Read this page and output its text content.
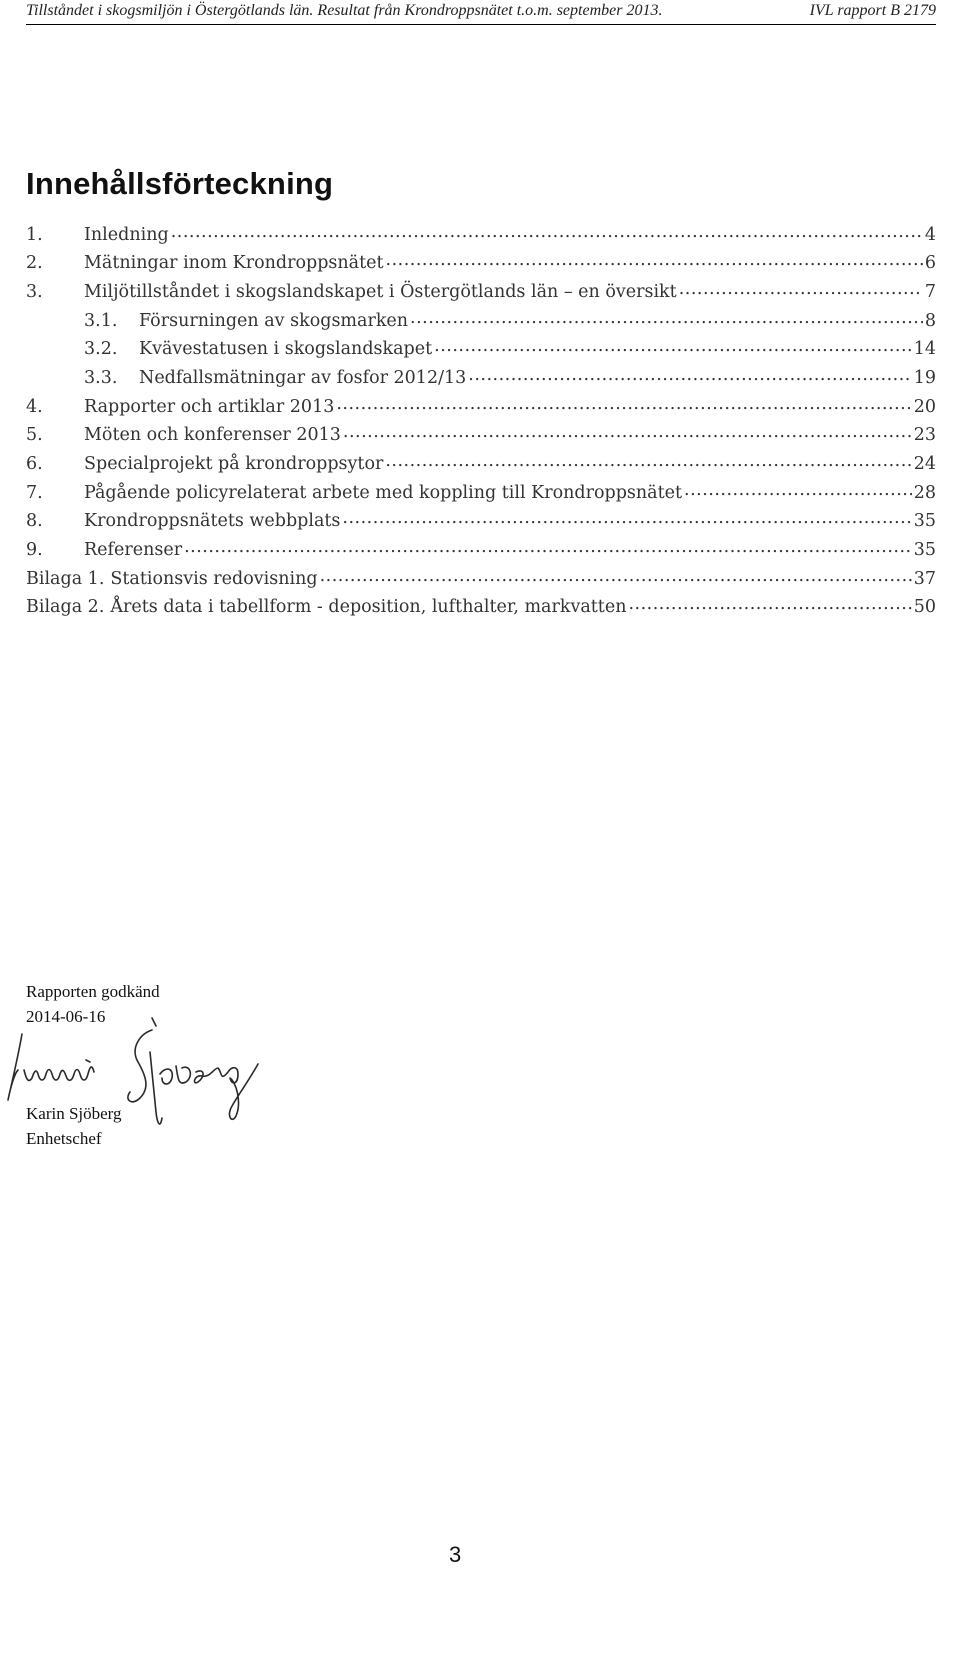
Tillståndet i skogsmiljön i Östergötlands län. Resultat från Krondroppsnätet t.o.m. september 2013.	IVL rapport B 2179
Innehållsförteckning
1.	Inledning .....	4
2.	Mätningar inom Krondroppsnätet .....	6
3.	Miljötillståndet i skogslandskapet i Östergötlands län – en översikt .....	7
3.1.	Försurningen av skogsmarken .....	8
3.2.	Kvävestatusen i skogslandskapet .....	14
3.3.	Nedfallsmätningar av fosfor 2012/13 .....	19
4.	Rapporter och artiklar 2013 .....	20
5.	Möten och konferenser 2013 .....	23
6.	Specialprojekt på krondroppsytor .....	24
7.	Pågående policyrelaterat arbete med koppling till Krondroppsnätet .....	28
8.	Krondroppsnätets webbplats .....	35
9.	Referenser .....	35
Bilaga 1. Stationsvis redovisning .....	37
Bilaga 2. Årets data i tabellform - deposition, lufthalter, markvatten .....	50
Rapporten godkänd
2014-06-16
Karin Sjöberg
Enhetschef
3
